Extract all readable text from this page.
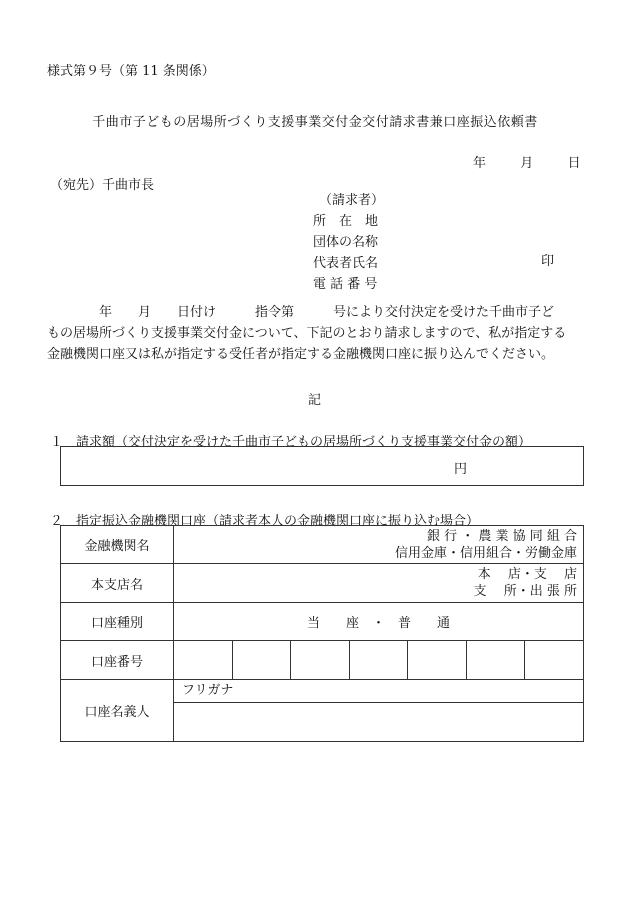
様式第９号（第 11 条関係）
千曲市子どもの居場所づくり支援事業交付金交付請求書兼口座振込依頼書
年	月	日
（宛先）千曲市長
（請求者）
所　在　地
団体の名称
代表者氏名
電 話 番 号
印
　　　　年　　月　　日付け　　　指令第　　　号により交付決定を受けた千曲市子ど
もの居場所づくり支援事業交付金について、下記のとおり請求しますので、私が指定する
金融機関口座又は私が指定する受任者が指定する金融機関口座に振り込んでください。
記
１　請求額（交付決定を受けた千曲市子どもの居場所づくり支援事業交付金の額）
円
２　指定振込金融機関口座（請求者本人の金融機関口座に振り込む場合）
金融機関名	銀 行 ・ 農 業 協 同 組 合
信用金庫・信用組合・労働金庫

本支店名	本　 店・支　 店
支　 所・出 張 所

口座種別	当　　座　・　普　　通
口座番号	

口座名義人	フリガナ
